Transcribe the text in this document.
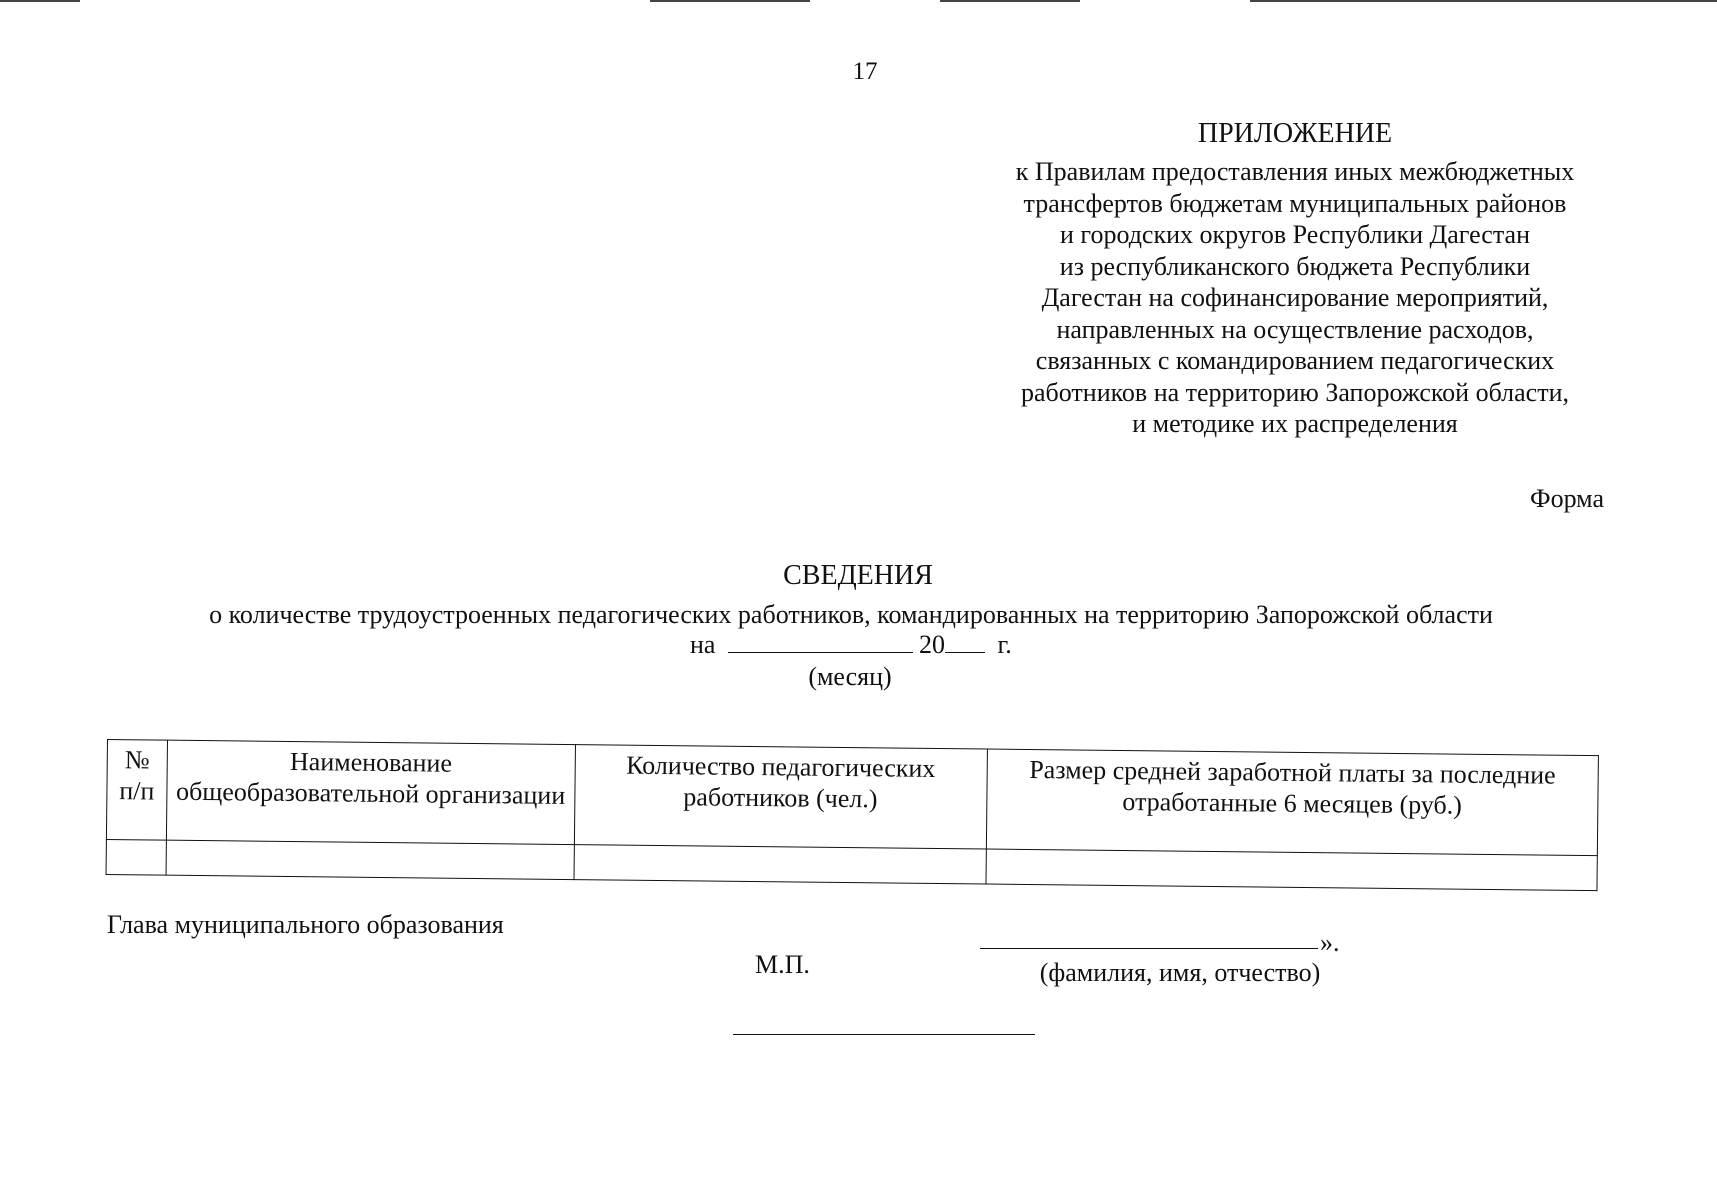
17
ПРИЛОЖЕНИЕ
к Правилам предоставления иных межбюджетных
трансфертов бюджетам муниципальных районов
и городских округов Республики Дагестан
из республиканского бюджета Республики
Дагестан на софинансирование мероприятий,
направленных на осуществление расходов,
связанных с командированием педагогических
работников на территорию Запорожской области,
и методике их распределения
Форма
СВЕДЕНИЯ
о количестве трудоустроенных педагогических работников, командированных на территорию Запорожской области
на	20 г.
(месяц)
№ п/п	Наименование общеобразовательной организации	Количество педагогических работников (чел.)	Размер средней заработной платы за последние отработанные 6 месяцев (руб.)

Глава муниципального образования
М.П.
».
(фамилия, имя, отчество)
